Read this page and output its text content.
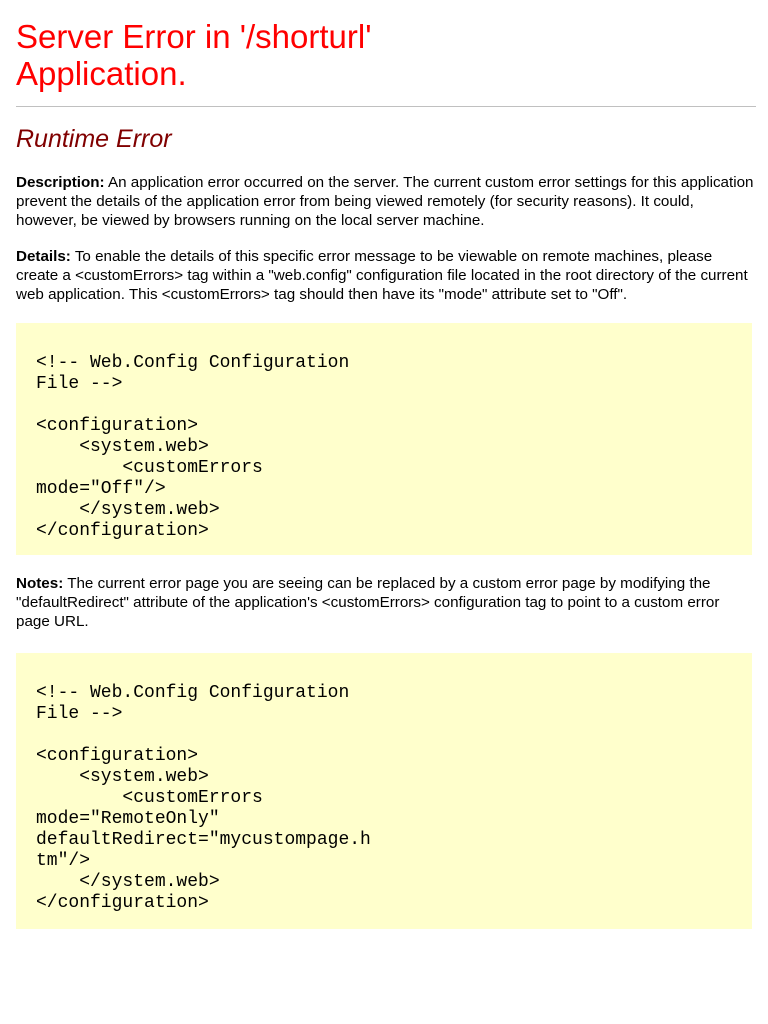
Server Error in '/shorturl'
Application.
Runtime Error

Description: An application error occurred on the server. The current custom error settings for this application prevent the details of the application error from being viewed remotely (for security reasons). It could, however, be viewed by browsers running on the local server machine.

Details: To enable the details of this specific error message to be viewable on remote machines, please create a <customErrors> tag within a "web.config" configuration file located in the root directory of the current web application. This <customErrors> tag should then have its "mode" attribute set to "Off".

<!-- Web.Config Configuration
File -->

<configuration>
<system.web>
<customErrors
mode="Off"/>
</system.web>
</configuration>

Notes: The current error page you are seeing can be replaced by a custom error page by modifying the "defaultRedirect" attribute of the application's <customErrors> configuration tag to point to a custom error page URL.

<!-- Web.Config Configuration
File -->

<configuration>
<system.web>
<customErrors
mode="RemoteOnly"
defaultRedirect="mycustompage.h
tm"/>
</system.web>
</configuration>
